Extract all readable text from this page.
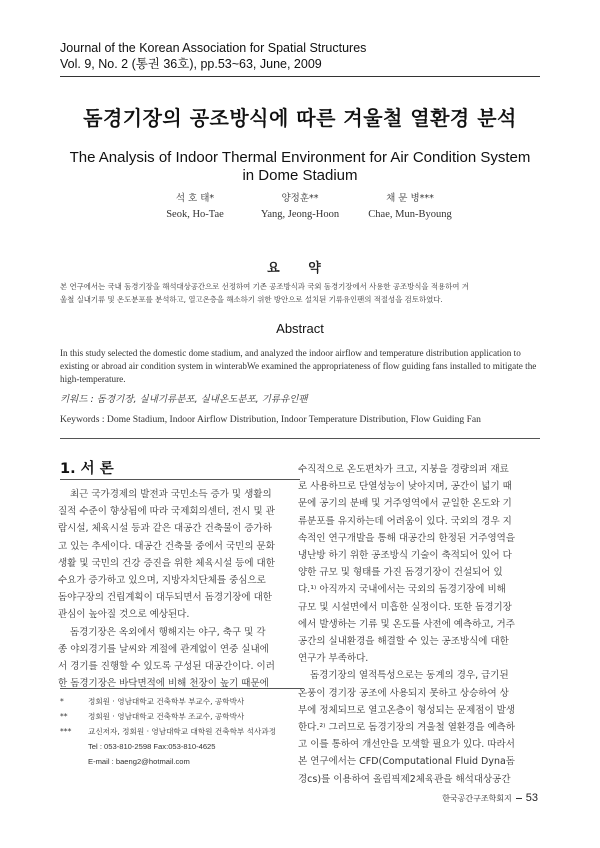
Journal of the Korean Association for Spatial Structures
Vol. 9, No. 2 (통권 36호), pp.53~63, June, 2009
돔경기장의 공조방식에 따른 겨울철 열환경 분석
The Analysis of Indoor Thermal Environment for Air Condition System
in Dome Stadium
석 호 태*
Seok, Ho-Tae
양정훈**
Yang, Jeong-Hoon
채 문 병***
Chae, Mun-Byoung
요 약
본 연구에서는 국내 돔경기장을 해석대상공간으로 선정하여 기존 공조방식과 국외 돔경기장에서 사용한 공조방식을 적용하여 겨
울철 실내기류 및 온도분포를 분석하고, 열고온층을 해소하기 위한 방안으로 설치된 기류유인팬의 적절성을 검토하였다.
Abstract
In this study selected the domestic dome stadium, and analyzed the indoor airflow and temperature distribution application to
existing or abroad air condition system in winterabWe examined the appropriateness of flow guiding fans installed to mitigate the
high-temperature.
키워드 : 돔경기장, 실내기류분포, 실내온도분포, 기류유인팬
Keywords : Dome Stadium, Indoor Airflow Distribution, Indoor Temperature Distribution, Flow Guiding Fan
1. 서 론

최근 국가경제의 발전과 국민소득 증가 및 생활의

질적 수준이 향상됨에 따라 국제회의센터, 전시 및 관

람시설, 체육시설 등과 같은 대공간 건축물이 증가하

고 있는 추세이다. 대공간 건축물 중에서 국민의 문화

생활 및 국민의 건강 증진을 위한 체육시설 등에 대한

수요가 증가하고 있으며, 지방자치단체를 중심으로

돔야구장의 건립계획이 대두되면서 돔경기장에 대한

관심이 높아질 것으로 예상된다.

돔경기장은 옥외에서 행해지는 야구, 축구 및 각

종 야외경기를 날씨와 계절에 관계없이 연중 실내에

서 경기를 진행할 수 있도록 구성된 대공간이다. 이러

한 돔경기장은 바닥면적에 비해 천장이 높기 때문에

수직적으로 온도편차가 크고, 지붕을 경량의퍼 재료

로 사용하므로 단열성능이 낮아지며, 공간이 넓기 때

문에 공기의 분배 및 거주영역에서 균일한 온도와 기

류분포를 유지하는데 어려움이 있다. 국외의 경우 지

속적인 연구개발을 통해 대공간의 한정된 거주영역을

냉난방 하기 위한 공조방식 기술이 축적되어 있어 다

양한 규모 및 형태를 가진 돔경기장이 건설되어 있

다.¹⁾ 아직까지 국내에서는 국외의 돔경기장에 비해

규모 및 시설면에서 미흡한 실정이다. 또한 돔경기장

에서 발생하는 기류 및 온도를 사전에 예측하고, 거주

공간의 실내환경을 해결할 수 있는 공조방식에 대한

연구가 부족하다.

돔경기장의 열적특성으로는 동계의 경우, 급기된

온풍이 경기장 공조에 사용되지 못하고 상승하여 상

부에 정체되므로 열고온층이 형성되는 문제점이 발생

한다.²⁾ 그러므로 돔경기장의 겨울철 열환경을 예측하

고 이를 통하여 개선안을 모색할 필요가 있다. 따라서

본 연구에서는 CFD(Computational Fluid Dyna돔

경cs)를 이용하여 올림픽제2체육관을 해석대상공간

*	정회원 · 영남대학교 건축학부 부교수, 공학박사
**	정회원 · 영남대학교 건축학부 조교수, 공학박사
***	교신저자, 정회원 · 영남대학교 대학원 건축학부 석사과정
Tel : 053-810-2598 Fax:053-810-4625
E-mail : baeng2@hotmail.com
한국공간구조학회지 53
